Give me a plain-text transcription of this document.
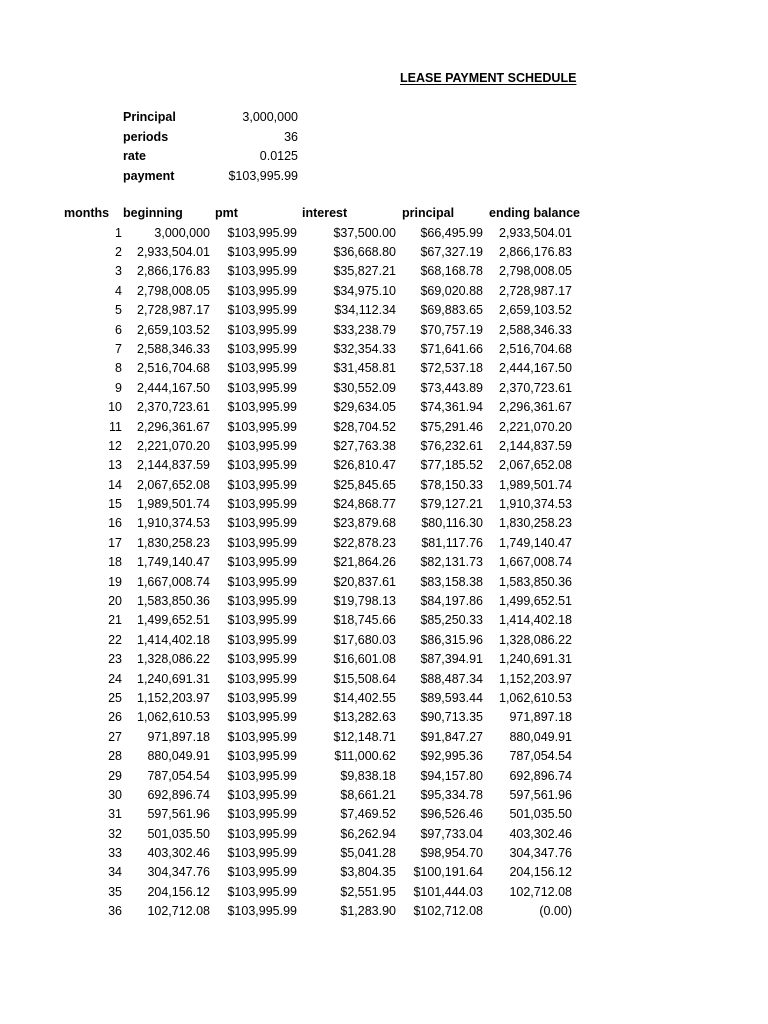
LEASE PAYMENT SCHEDULE
Principal	3,000,000
periods	36
rate	0.0125
payment	$103,995.99
months	beginning	pmt	interest	principal	ending balance
1	3,000,000	$103,995.99	$37,500.00	$66,495.99	2,933,504.01
2	2,933,504.01	$103,995.99	$36,668.80	$67,327.19	2,866,176.83
3	2,866,176.83	$103,995.99	$35,827.21	$68,168.78	2,798,008.05
4	2,798,008.05	$103,995.99	$34,975.10	$69,020.88	2,728,987.17
5	2,728,987.17	$103,995.99	$34,112.34	$69,883.65	2,659,103.52
6	2,659,103.52	$103,995.99	$33,238.79	$70,757.19	2,588,346.33
7	2,588,346.33	$103,995.99	$32,354.33	$71,641.66	2,516,704.68
8	2,516,704.68	$103,995.99	$31,458.81	$72,537.18	2,444,167.50
9	2,444,167.50	$103,995.99	$30,552.09	$73,443.89	2,370,723.61
10	2,370,723.61	$103,995.99	$29,634.05	$74,361.94	2,296,361.67
11	2,296,361.67	$103,995.99	$28,704.52	$75,291.46	2,221,070.20
12	2,221,070.20	$103,995.99	$27,763.38	$76,232.61	2,144,837.59
13	2,144,837.59	$103,995.99	$26,810.47	$77,185.52	2,067,652.08
14	2,067,652.08	$103,995.99	$25,845.65	$78,150.33	1,989,501.74
15	1,989,501.74	$103,995.99	$24,868.77	$79,127.21	1,910,374.53
16	1,910,374.53	$103,995.99	$23,879.68	$80,116.30	1,830,258.23
17	1,830,258.23	$103,995.99	$22,878.23	$81,117.76	1,749,140.47
18	1,749,140.47	$103,995.99	$21,864.26	$82,131.73	1,667,008.74
19	1,667,008.74	$103,995.99	$20,837.61	$83,158.38	1,583,850.36
20	1,583,850.36	$103,995.99	$19,798.13	$84,197.86	1,499,652.51
21	1,499,652.51	$103,995.99	$18,745.66	$85,250.33	1,414,402.18
22	1,414,402.18	$103,995.99	$17,680.03	$86,315.96	1,328,086.22
23	1,328,086.22	$103,995.99	$16,601.08	$87,394.91	1,240,691.31
24	1,240,691.31	$103,995.99	$15,508.64	$88,487.34	1,152,203.97
25	1,152,203.97	$103,995.99	$14,402.55	$89,593.44	1,062,610.53
26	1,062,610.53	$103,995.99	$13,282.63	$90,713.35	971,897.18
27	971,897.18	$103,995.99	$12,148.71	$91,847.27	880,049.91
28	880,049.91	$103,995.99	$11,000.62	$92,995.36	787,054.54
29	787,054.54	$103,995.99	$9,838.18	$94,157.80	692,896.74
30	692,896.74	$103,995.99	$8,661.21	$95,334.78	597,561.96
31	597,561.96	$103,995.99	$7,469.52	$96,526.46	501,035.50
32	501,035.50	$103,995.99	$6,262.94	$97,733.04	403,302.46
33	403,302.46	$103,995.99	$5,041.28	$98,954.70	304,347.76
34	304,347.76	$103,995.99	$3,804.35	$100,191.64	204,156.12
35	204,156.12	$103,995.99	$2,551.95	$101,444.03	102,712.08
36	102,712.08	$103,995.99	$1,283.90	$102,712.08	(0.00)
